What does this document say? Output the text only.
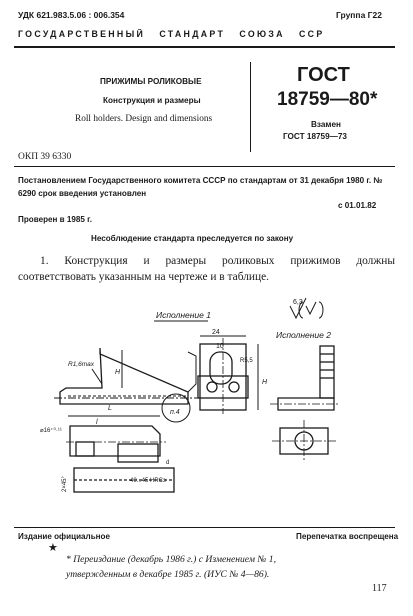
УДК 621.983.5.06 : 006.354	Группа Г22
ГОСУДАРСТВЕННЫЙ   СТАНДАРТ   СОЮЗА   ССР
ПРИЖИМЫ РОЛИКОВЫЕ
Конструкция и размеры
Roll holders. Design and dimensions
ГОСТ
18759—80*
Взамен
ГОСТ 18759—73
ОКП 39 6330
Постановлением Государственного комитета СССР по стандартам от 31 декабря 1980 г. № 6290 срок введения установлен
с 01.01.82
Проверен в 1985 г.
Несоблюдение стандарта преследуется по закону
1. Конструкция и размеры роликовых прижимов должны соответствовать указанным на чертеже и в таблице.
Исполнение 1
Исполнение 2
6,3
R1,6max
H
24
10
R5,5
H
п.4
L
l
⌀16⁺⁰·¹¹
d
40...45 HRCэ
2×45°
Издание официальное	Перепечатка воспрещена
★
* Переиздание (декабрь 1986 г.) с Изменением № 1, утвержденным в декабре 1985 г. (ИУС № 4—86).
117
